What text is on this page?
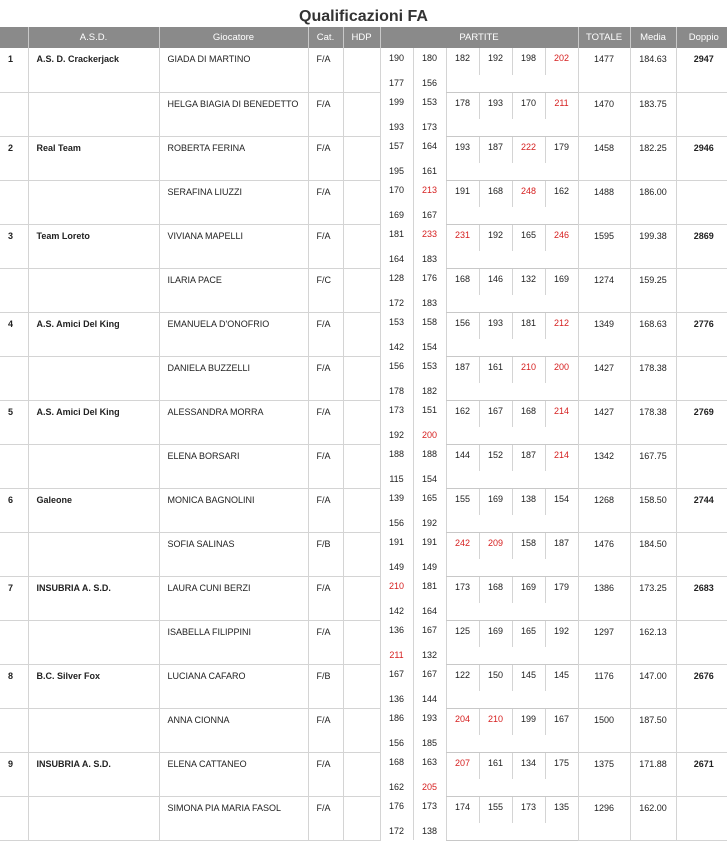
Qualificazioni FA
	A.S.D.	Giocatore	Cat.	HDP	PARTITE						TOTALE	Media	Doppio
1	A.S. D. Crackerjack	GIADA DI MARTINO	F/A		190	180	182	192	198	202	1477	184.63	2947
					177	156							
		HELGA BIAGIA DI BENEDETTO	F/A		199	153	178	193	170	211	1470	183.75	
					193	173							
2	Real Team	ROBERTA FERINA	F/A		157	164	193	187	222	179	1458	182.25	2946
					195	161							
		SERAFINA LIUZZI	F/A		170	213	191	168	248	162	1488	186.00	
					169	167							
3	Team Loreto	VIVIANA MAPELLI	F/A		181	233	231	192	165	246	1595	199.38	2869
					164	183							
		ILARIA PACE	F/C		128	176	168	146	132	169	1274	159.25	
					172	183							
4	A.S. Amici Del King	EMANUELA D'ONOFRIO	F/A		153	158	156	193	181	212	1349	168.63	2776
					142	154							
		DANIELA BUZZELLI	F/A		156	153	187	161	210	200	1427	178.38	
					178	182							
5	A.S. Amici Del King	ALESSANDRA MORRA	F/A		173	151	162	167	168	214	1427	178.38	2769
					192	200							
		ELENA BORSARI	F/A		188	188	144	152	187	214	1342	167.75	
					115	154							
6	Galeone	MONICA BAGNOLINI	F/A		139	165	155	169	138	154	1268	158.50	2744
					156	192							
		SOFIA SALINAS	F/B		191	191	242	209	158	187	1476	184.50	
					149	149							
7	INSUBRIA A. S.D.	LAURA CUNI BERZI	F/A		210	181	173	168	169	179	1386	173.25	2683
					142	164							
		ISABELLA FILIPPINI	F/A		136	167	125	169	165	192	1297	162.13	
					211	132							
8	B.C. Silver Fox	LUCIANA CAFARO	F/B		167	167	122	150	145	145	1176	147.00	2676
					136	144							
		ANNA CIONNA	F/A		186	193	204	210	199	167	1500	187.50	
					156	185							
9	INSUBRIA A. S.D.	ELENA CATTANEO	F/A		168	163	207	161	134	175	1375	171.88	2671
					162	205							
		SIMONA PIA MARIA FASOL	F/A		176	173	174	155	173	135	1296	162.00	
					172	138							
